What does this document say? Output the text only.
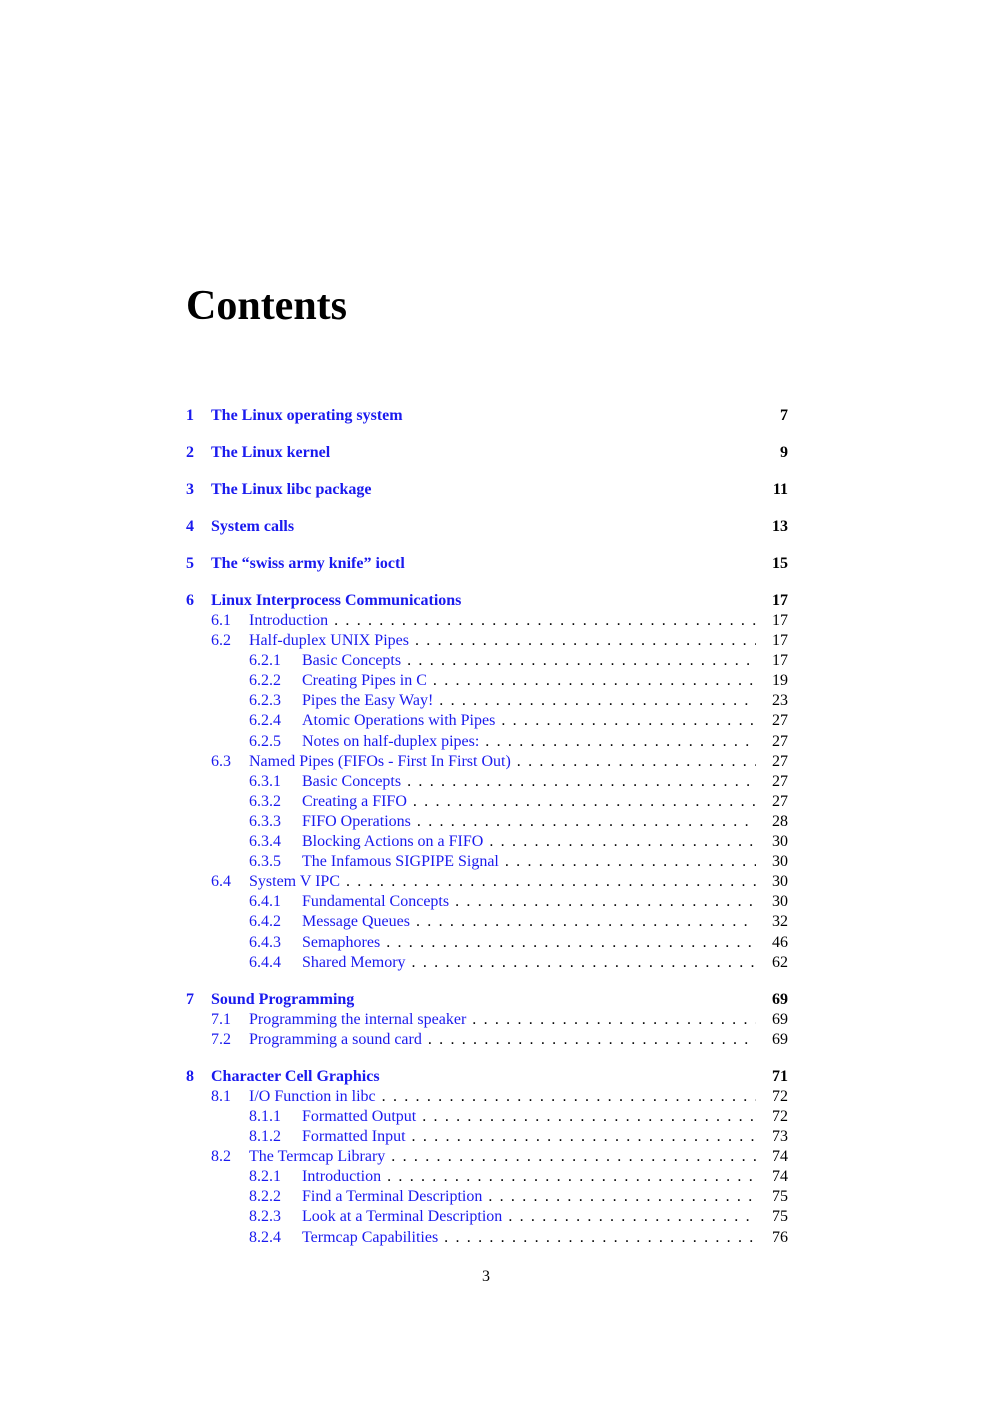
Contents
1	The Linux operating system	7
2	The Linux kernel	9
3	The Linux libc package	11
4	System calls	13
5	The “swiss army knife” ioctl	15
6	Linux Interprocess Communications	17
6.1	Introduction . . .	17
6.2	Half-duplex UNIX Pipes . . .	17
6.2.1	Basic Concepts . . .	17
6.2.2	Creating Pipes in C . . .	19
6.2.3	Pipes the Easy Way! . . .	23
6.2.4	Atomic Operations with Pipes . . .	27
6.2.5	Notes on half-duplex pipes: . . .	27
6.3	Named Pipes (FIFOs - First In First Out) . . .	27
6.3.1	Basic Concepts . . .	27
6.3.2	Creating a FIFO . . .	27
6.3.3	FIFO Operations . . .	28
6.3.4	Blocking Actions on a FIFO . . .	30
6.3.5	The Infamous SIGPIPE Signal . . .	30
6.4	System V IPC . . .	30
6.4.1	Fundamental Concepts . . .	30
6.4.2	Message Queues . . .	32
6.4.3	Semaphores . . .	46
6.4.4	Shared Memory . . .	62
7	Sound Programming	69
7.1	Programming the internal speaker . . .	69
7.2	Programming a sound card . . .	69
8	Character Cell Graphics	71
8.1	I/O Function in libc . . .	72
8.1.1	Formatted Output . . .	72
8.1.2	Formatted Input . . .	73
8.2	The Termcap Library . . .	74
8.2.1	Introduction . . .	74
8.2.2	Find a Terminal Description . . .	75
8.2.3	Look at a Terminal Description . . .	75
8.2.4	Termcap Capabilities . . .	76
3
